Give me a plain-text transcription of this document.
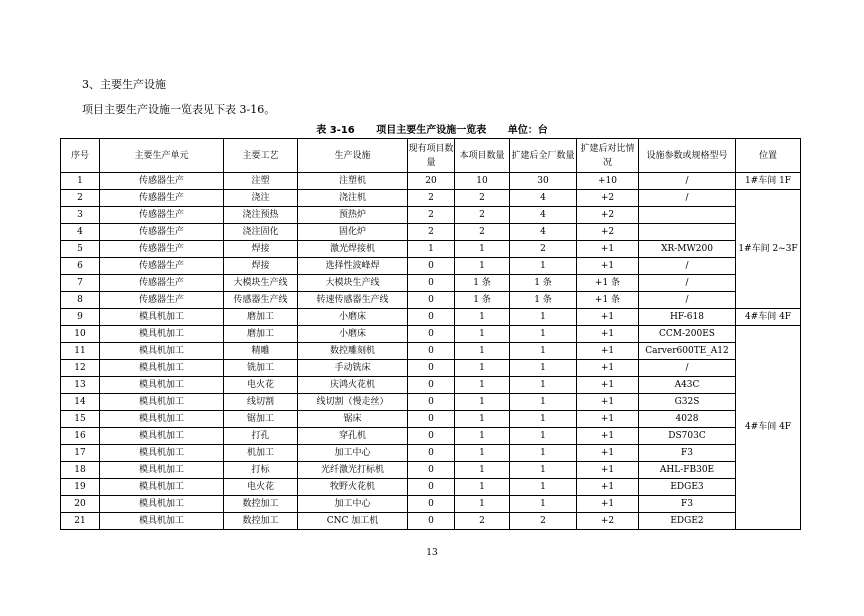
3、主要生产设施
项目主要生产设施一览表见下表 3-16。
表 3-16 项目主要生产设施一览表 单位：台
序号	主要生产单元	主要工艺	生产设施	现有项目数量	本项目数量	扩建后全厂数量	扩建后对比情况	设施参数或规格型号	位置
1	传感器生产	注塑	注塑机	20	10	30	+10	/	1#车间 1F
2	传感器生产	浇注	浇注机	2	2	4	+2	/	1#车间 2~3F
3	传感器生产	浇注预热	预热炉	2	2	4	+2		
4	传感器生产	浇注固化	固化炉	2	2	4	+2		
5	传感器生产	焊接	激光焊接机	1	1	2	+1	XR-MW200	
6	传感器生产	焊接	选择性波峰焊	0	1	1	+1	/	
7	传感器生产	大模块生产线	大模块生产线	0	1 条	1 条	+1 条	/	
8	传感器生产	传感器生产线	转速传感器生产线	0	1 条	1 条	+1 条	/	
9	模具机加工	磨加工	小磨床	0	1	1	+1	HF-618	4#车间 4F
10	模具机加工	磨加工	小磨床	0	1	1	+1	CCM-200ES	4#车间 4F
11	模具机加工	精雕	数控雕刻机	0	1	1	+1	Carver600TE_A12	
12	模具机加工	铣加工	手动铣床	0	1	1	+1	/	
13	模具机加工	电火花	庆鸿火花机	0	1	1	+1	A43C	
14	模具机加工	线切割	线切割（慢走丝）	0	1	1	+1	G32S	
15	模具机加工	锯加工	锯床	0	1	1	+1	4028	
16	模具机加工	打孔	穿孔机	0	1	1	+1	DS703C	
17	模具机加工	机加工	加工中心	0	1	1	+1	F3	
18	模具机加工	打标	光纤激光打标机	0	1	1	+1	AHL-FB30E	
19	模具机加工	电火花	牧野火花机	0	1	1	+1	EDGE3	
20	模具机加工	数控加工	加工中心	0	1	1	+1	F3	
21	模具机加工	数控加工	CNC 加工机	0	2	2	+2	EDGE2	
13
